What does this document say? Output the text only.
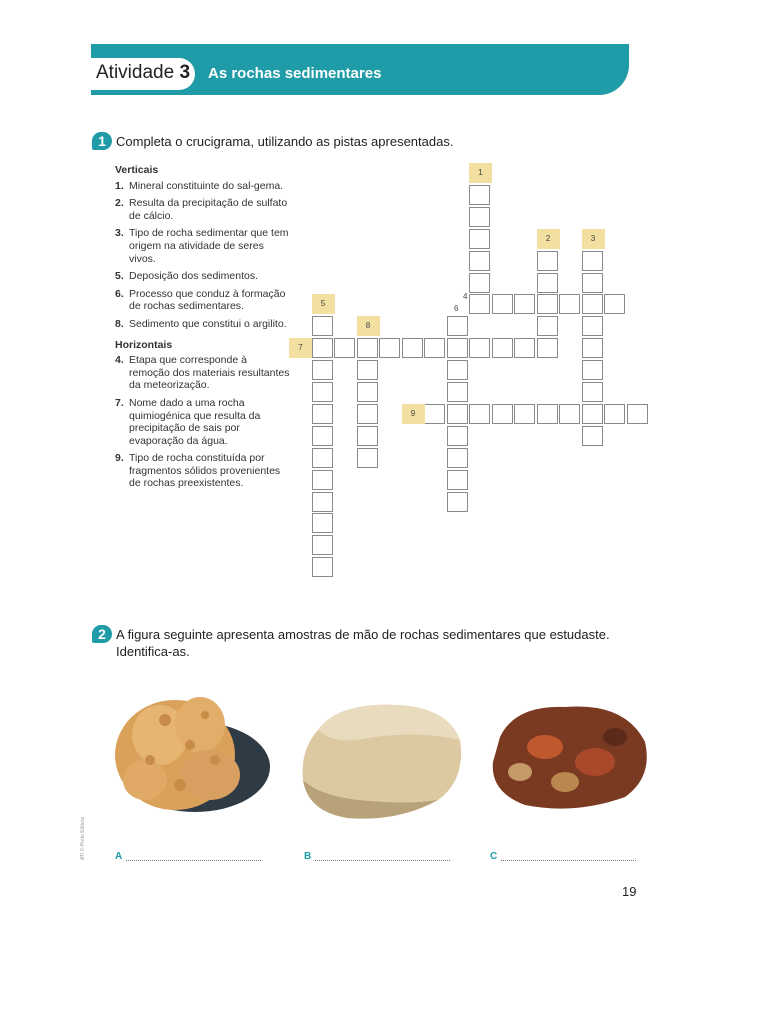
Atividade 3 As rochas sedimentares
1 Completa o crucigrama, utilizando as pistas apresentadas.
Verticais
1. Mineral constituinte do sal-gema.
2. Resulta da precipitação de sulfato de cálcio.
3. Tipo de rocha sedimentar que tem origem na atividade de seres vivos.
5. Deposição dos sedimentos.
6. Processo que conduz à formação de rochas sedimentares.
8. Sedimento que constitui o argilito.
Horizontais
4. Etapa que corresponde à remoção dos materiais resultantes da meteorização.
7. Nome dado a uma rocha quimiogénica que resulta da precipitação de sais por evaporação da água.
9. Tipo de rocha constituída por fragmentos sólidos provenientes de rochas preexistentes.
1
2	3
5
7
8
9
4
6
2 A figura seguinte apresenta amostras de mão de rochas sedimentares que estudaste.
Identifica-as.
A	B	C
19
ATI © Porto Editora
